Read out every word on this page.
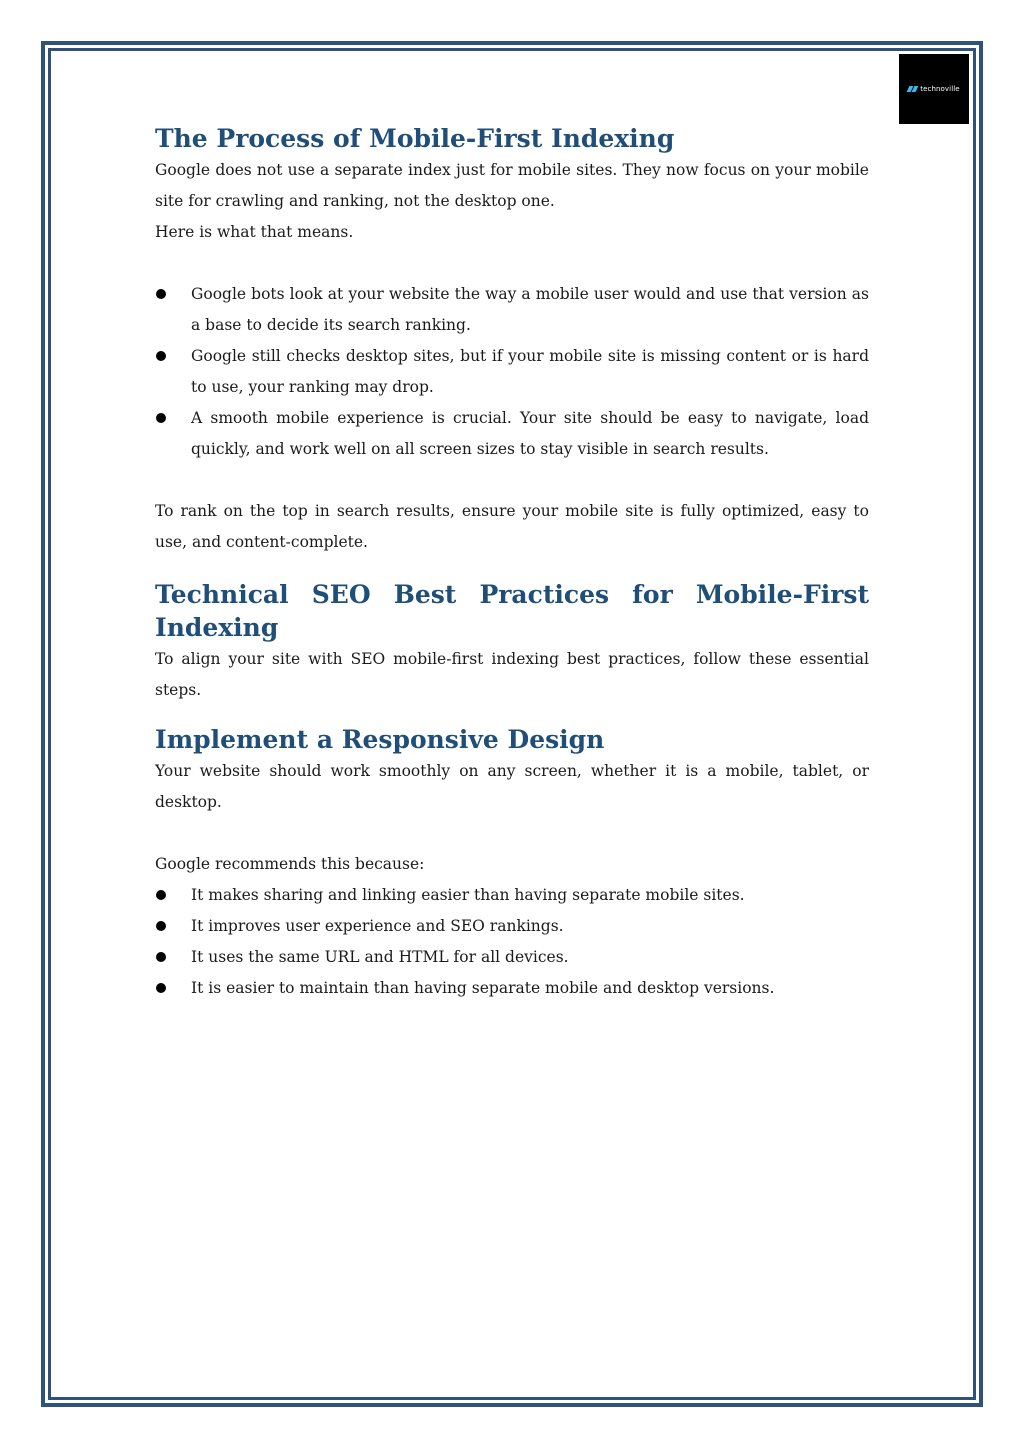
technoville
The Process of Mobile-First Indexing

Google does not use a separate index just for mobile sites. They now focus on your mobile site for crawling and ranking, not the desktop one.

Here is what that means.

Google bots look at your website the way a mobile user would and use that version as a base to decide its search ranking.
Google still checks desktop sites, but if your mobile site is missing content or is hard to use, your ranking may drop.
A smooth mobile experience is crucial. Your site should be easy to navigate, load quickly, and work well on all screen sizes to stay visible in search results.

To rank on the top in search results, ensure your mobile site is fully optimized, easy to use, and content-complete.

Technical SEO Best Practices for Mobile-First Indexing

To align your site with SEO mobile-first indexing best practices, follow these essential steps.

Implement a Responsive Design

Your website should work smoothly on any screen, whether it is a mobile, tablet, or desktop.

Google recommends this because:

It makes sharing and linking easier than having separate mobile sites.
It improves user experience and SEO rankings.
It uses the same URL and HTML for all devices.
It is easier to maintain than having separate mobile and desktop versions.
